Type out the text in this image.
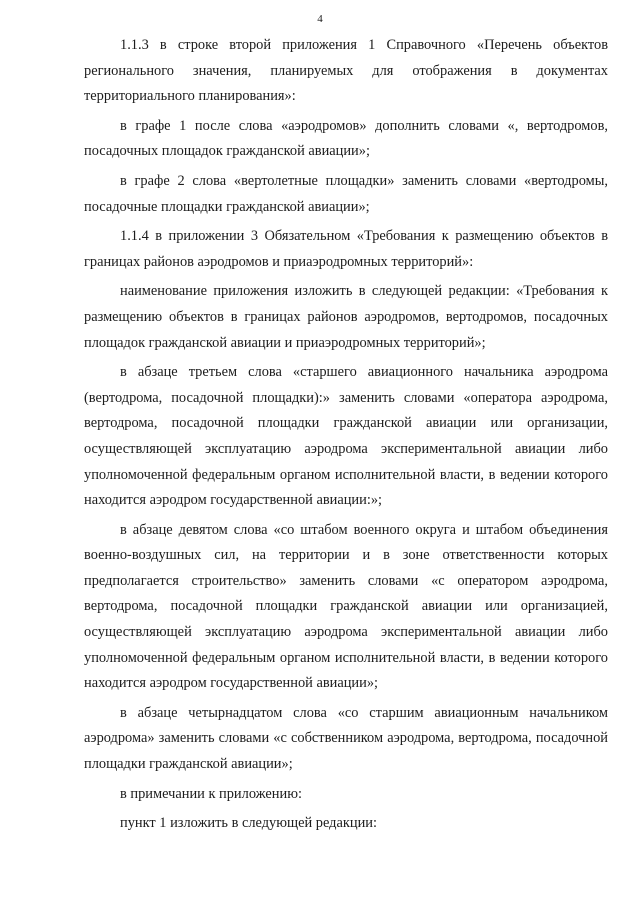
4

1.1.3 в строке второй приложения 1 Справочного «Перечень объектов регионального значения, планируемых для отображения в документах территориального планирования»:

в графе 1 после слова «аэродромов» дополнить словами «, вертодромов, посадочных площадок гражданской авиации»;

в графе 2 слова «вертолетные площадки» заменить словами «вертодромы, посадочные площадки гражданской авиации»;

1.1.4 в приложении 3 Обязательном «Требования к размещению объектов в границах районов аэродромов и приаэродромных территорий»:

наименование приложения изложить в следующей редакции: «Требования к размещению объектов в границах районов аэродромов, вертодромов, посадочных площадок гражданской авиации и приаэродромных территорий»;

в абзаце третьем слова «старшего авиационного начальника аэродрома (вертодрома, посадочной площадки):» заменить словами «оператора аэродрома, вертодрома, посадочной площадки гражданской авиации или организации, осуществляющей эксплуатацию аэродрома экспериментальной авиации либо уполномоченной федеральным органом исполнительной власти, в ведении которого находится аэродром государственной авиации:»;

в абзаце девятом слова «со штабом военного округа и штабом объединения военно-воздушных сил, на территории и в зоне ответственности которых предполагается строительство» заменить словами «с оператором аэродрома, вертодрома, посадочной площадки гражданской авиации или организацией, осуществляющей эксплуатацию аэродрома экспериментальной авиации либо уполномоченной федеральным органом исполнительной власти, в ведении которого находится аэродром государственной авиации»;

в абзаце четырнадцатом слова «со старшим авиационным начальником аэродрома» заменить словами «с собственником аэродрома, вертодрома, посадочной площадки гражданской авиации»;

в примечании к приложению:

пункт 1 изложить в следующей редакции:
